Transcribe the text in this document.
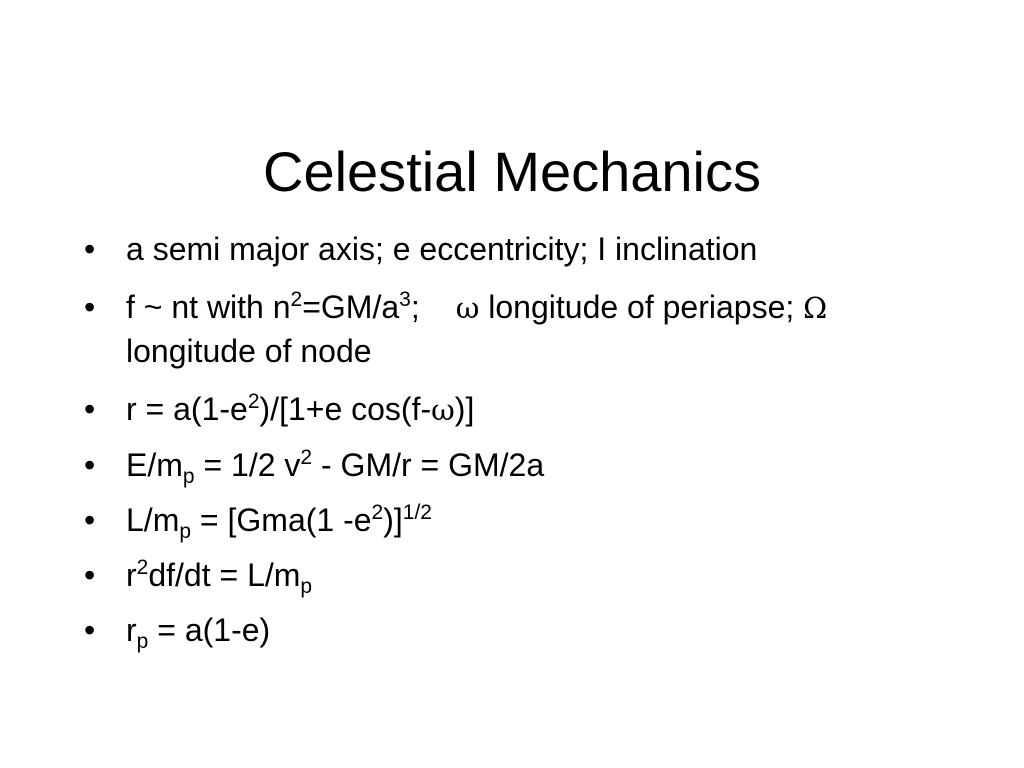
Celestial Mechanics
• a semi major axis; e eccentricity; I inclination
• f ~ nt with $n^2=GM/a^3$; ω longitude of periapse; Ω longitude of node
• $r = a(1-e^2)/[1+e$ cos(f-ω)]
• $E/m_p = 1/2$ $v^2 - GM/r = GM/2a$
• $L/m_p = [Gma(1$ $-e^2)]^{1/2}$
• $r^2df/dt = L/m_p$
• $r_p = a(1-e)$
